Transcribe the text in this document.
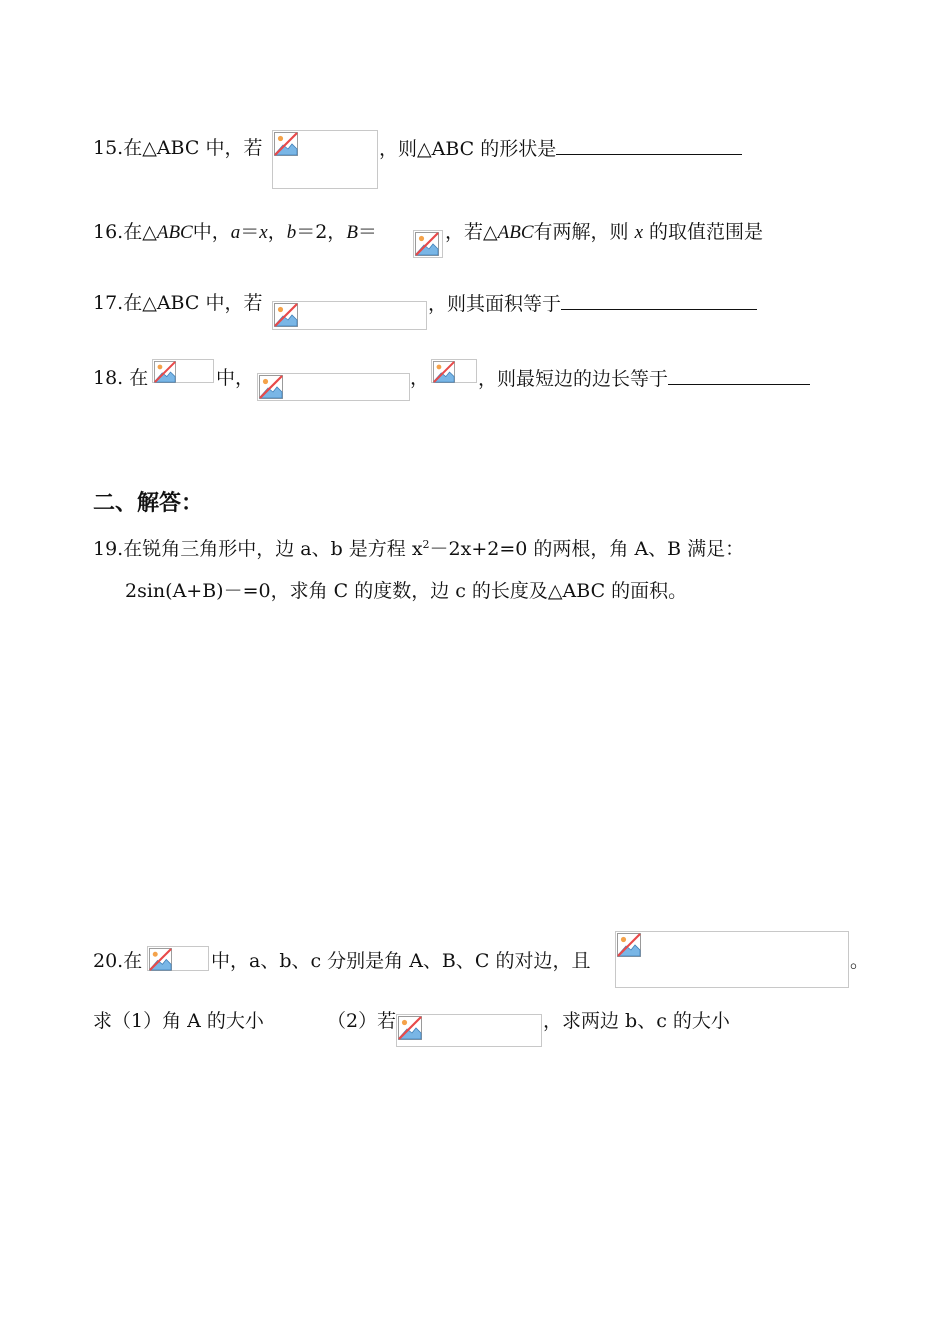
15.在△ABC 中，若	，则△ABC 的形状是
16.在△ABC中，a＝x，b＝2，B＝	，若△ABC有两解，则 x 的取值范围是
17.在△ABC 中，若	，则其面积等于
18. 在	中，	，	，则最短边的边长等于
二、解答：
19.在锐角三角形中，边 a、b 是方程 $x^2-2x+2=0$ 的两根，角 A、B 满足：
2sin(A+B)－=0，求角 C 的度数，边 c 的长度及△ABC 的面积。
20.在	中，a、b、c 分别是角 A、B、C 的对边，且	。
求（1）角 A 的大小	（2）若	，求两边 b、c 的大小
